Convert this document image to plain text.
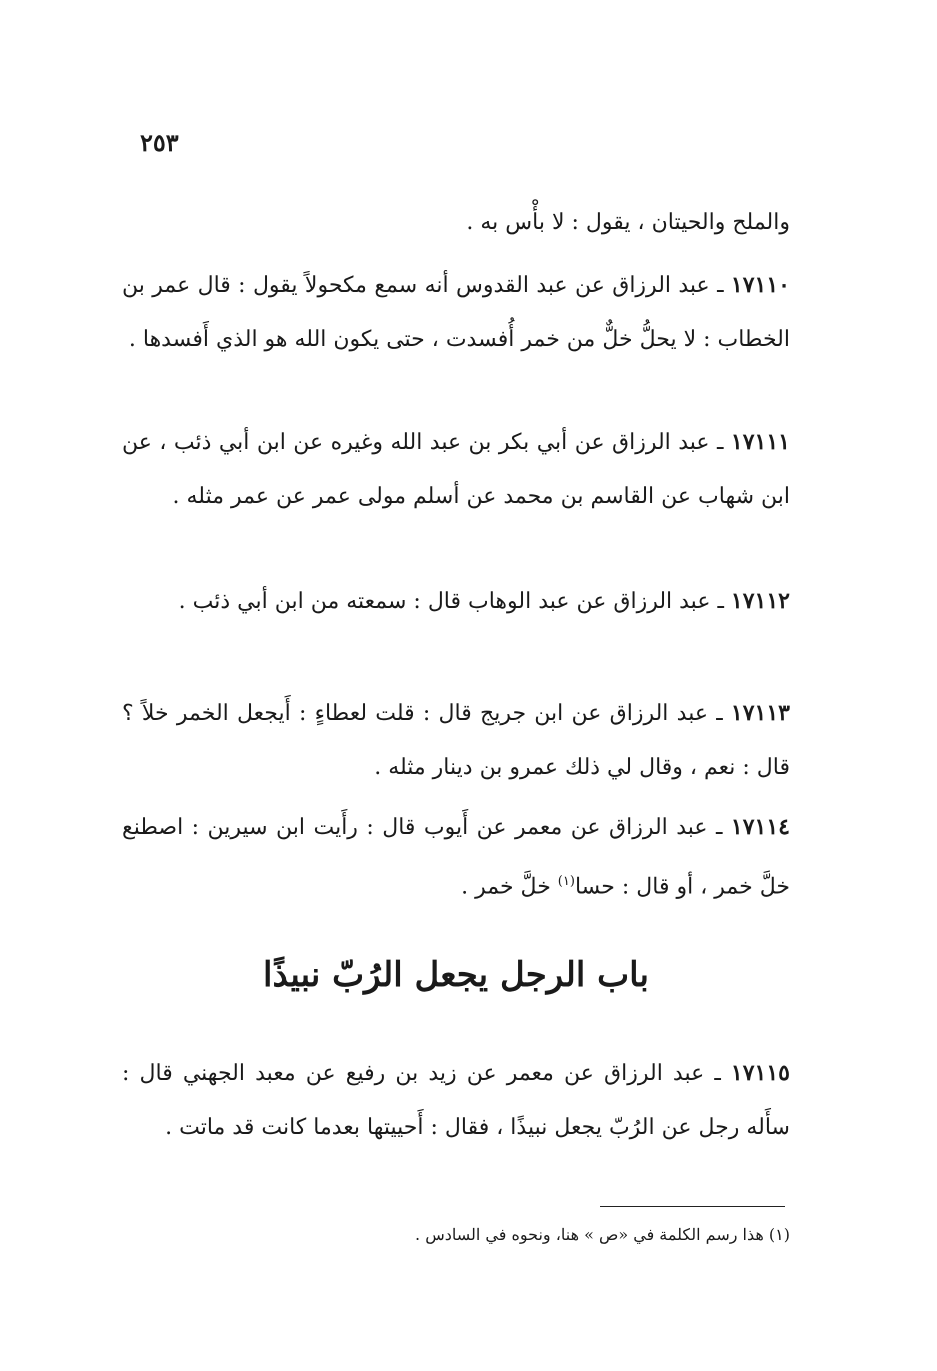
٢٥٣
والملح والحيتان ، يقول : لا بأْس به .
١٧١١٠ ـ عبد الرزاق عن عبد القدوس أنه سمع مكحولاً يقول : قال عمر بن الخطاب : لا يحلُّ خلٌّ من خمر أُفسدت ، حتى يكون الله هو الذي أَفسدها .
١٧١١١ ـ عبد الرزاق عن أبي بكر بن عبد الله وغيره عن ابن أبي ذئب ، عن ابن شهاب عن القاسم بن محمد عن أسلم مولى عمر عن عمر مثله .
١٧١١٢ ـ عبد الرزاق عن عبد الوهاب قال : سمعته من ابن أبي ذئب .
١٧١١٣ ـ عبد الرزاق عن ابن جريج قال : قلت لعطاءٍ : أَيجعل الخمر خلاً ؟ قال : نعم ، وقال لي ذلك عمرو بن دينار مثله .
١٧١١٤ ـ عبد الرزاق عن معمر عن أَيوب قال : رأَيت ابن سيرين : اصطنع خلَّ خمر ، أو قال : حسا$^{(١)}$ خلَّ خمر .
باب الرجل يجعل الرُبّ نبيذًا
١٧١١٥ ـ عبد الرزاق عن معمر عن زيد بن رفيع عن معبد الجهني قال : سأَله رجل عن الرُبّ يجعل نبيذًا ، فقال : أَحييتها بعدما كانت قد ماتت .
(١) هذا رسم الكلمة في «ص » هنا، ونحوه في السادس .
